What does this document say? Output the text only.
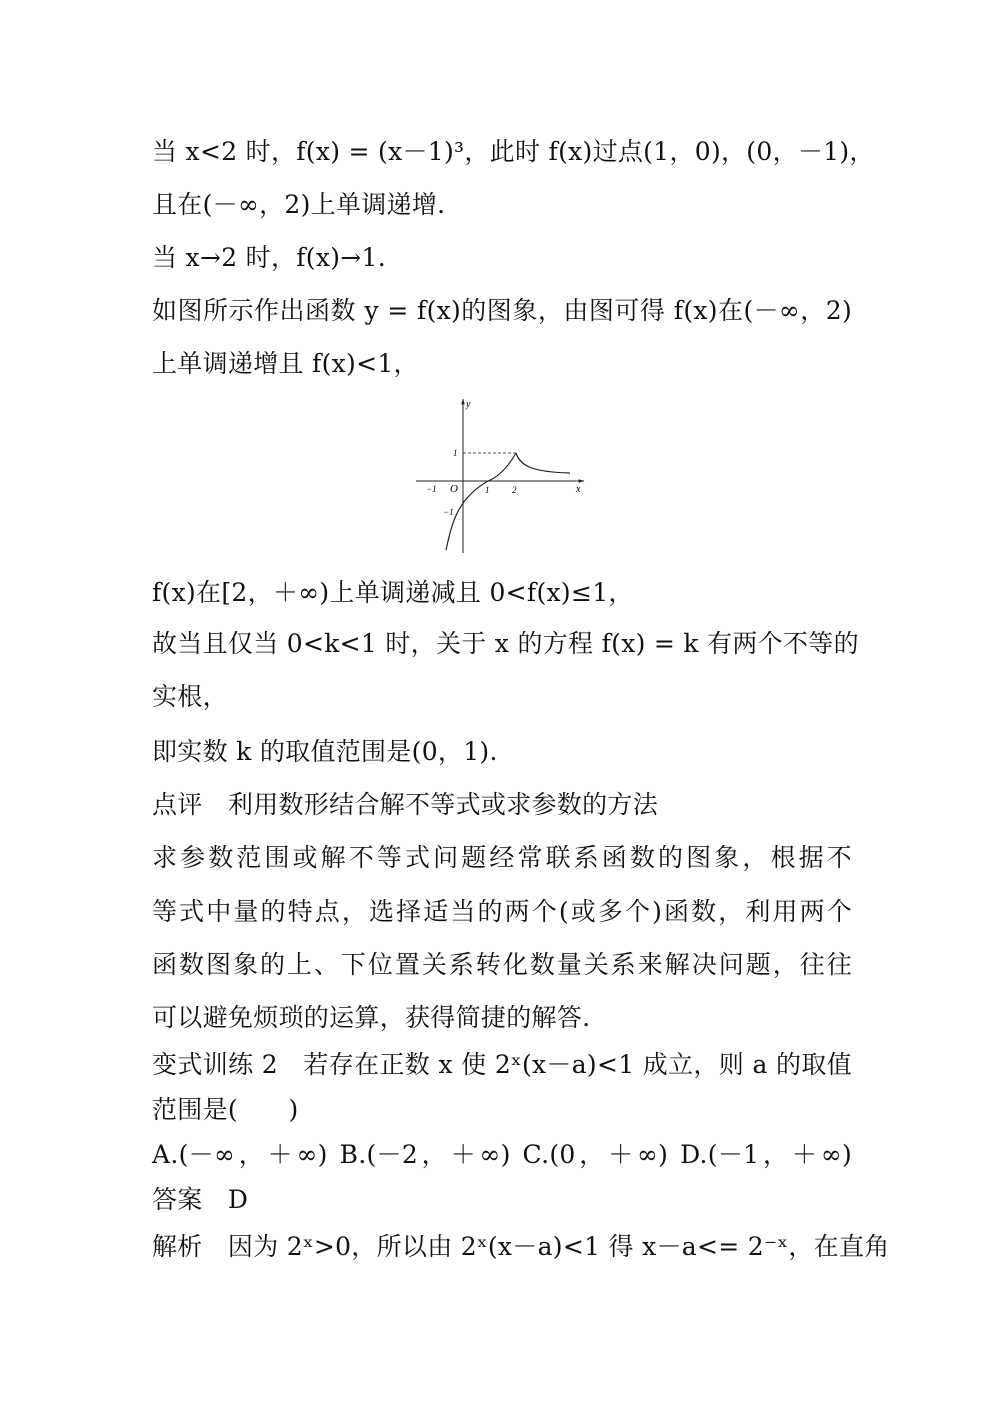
当 x<2 时，f(x) = (x－1)³，此时 f(x)过点(1，0)，(0，－1)，
且在(－∞，2)上单调递增.
当 x→2 时，f(x)→1.
如图所示作出函数 y = f(x)的图象，由图可得 f(x)在(－∞，2)
上单调递增且 f(x)<1，
y
x
O
−1	1	2
1
−1
f(x)在[2，＋∞)上单调递减且 0<f(x)≤1，
故当且仅当 0<k<1 时，关于 x 的方程 f(x) = k 有两个不等的
实根，
即实数 k 的取值范围是(0，1).
点评　利用数形结合解不等式或求参数的方法
求参数范围或解不等式问题经常联系函数的图象，根据不
等式中量的特点，选择适当的两个(或多个)函数，利用两个
函数图象的上、下位置关系转化数量关系来解决问题，往往
可以避免烦琐的运算，获得简捷的解答.
变式训练 2　若存在正数 x 使 2ˣ(x－a)<1 成立，则 a 的取值
范围是(　　)
A.(－∞，＋∞) B.(－2，＋∞) C.(0，＋∞) D.(－1，＋∞)
答案　D
解析　因为 2ˣ>0，所以由 2ˣ(x－a)<1 得 x－a<= 2⁻ˣ，在直角
